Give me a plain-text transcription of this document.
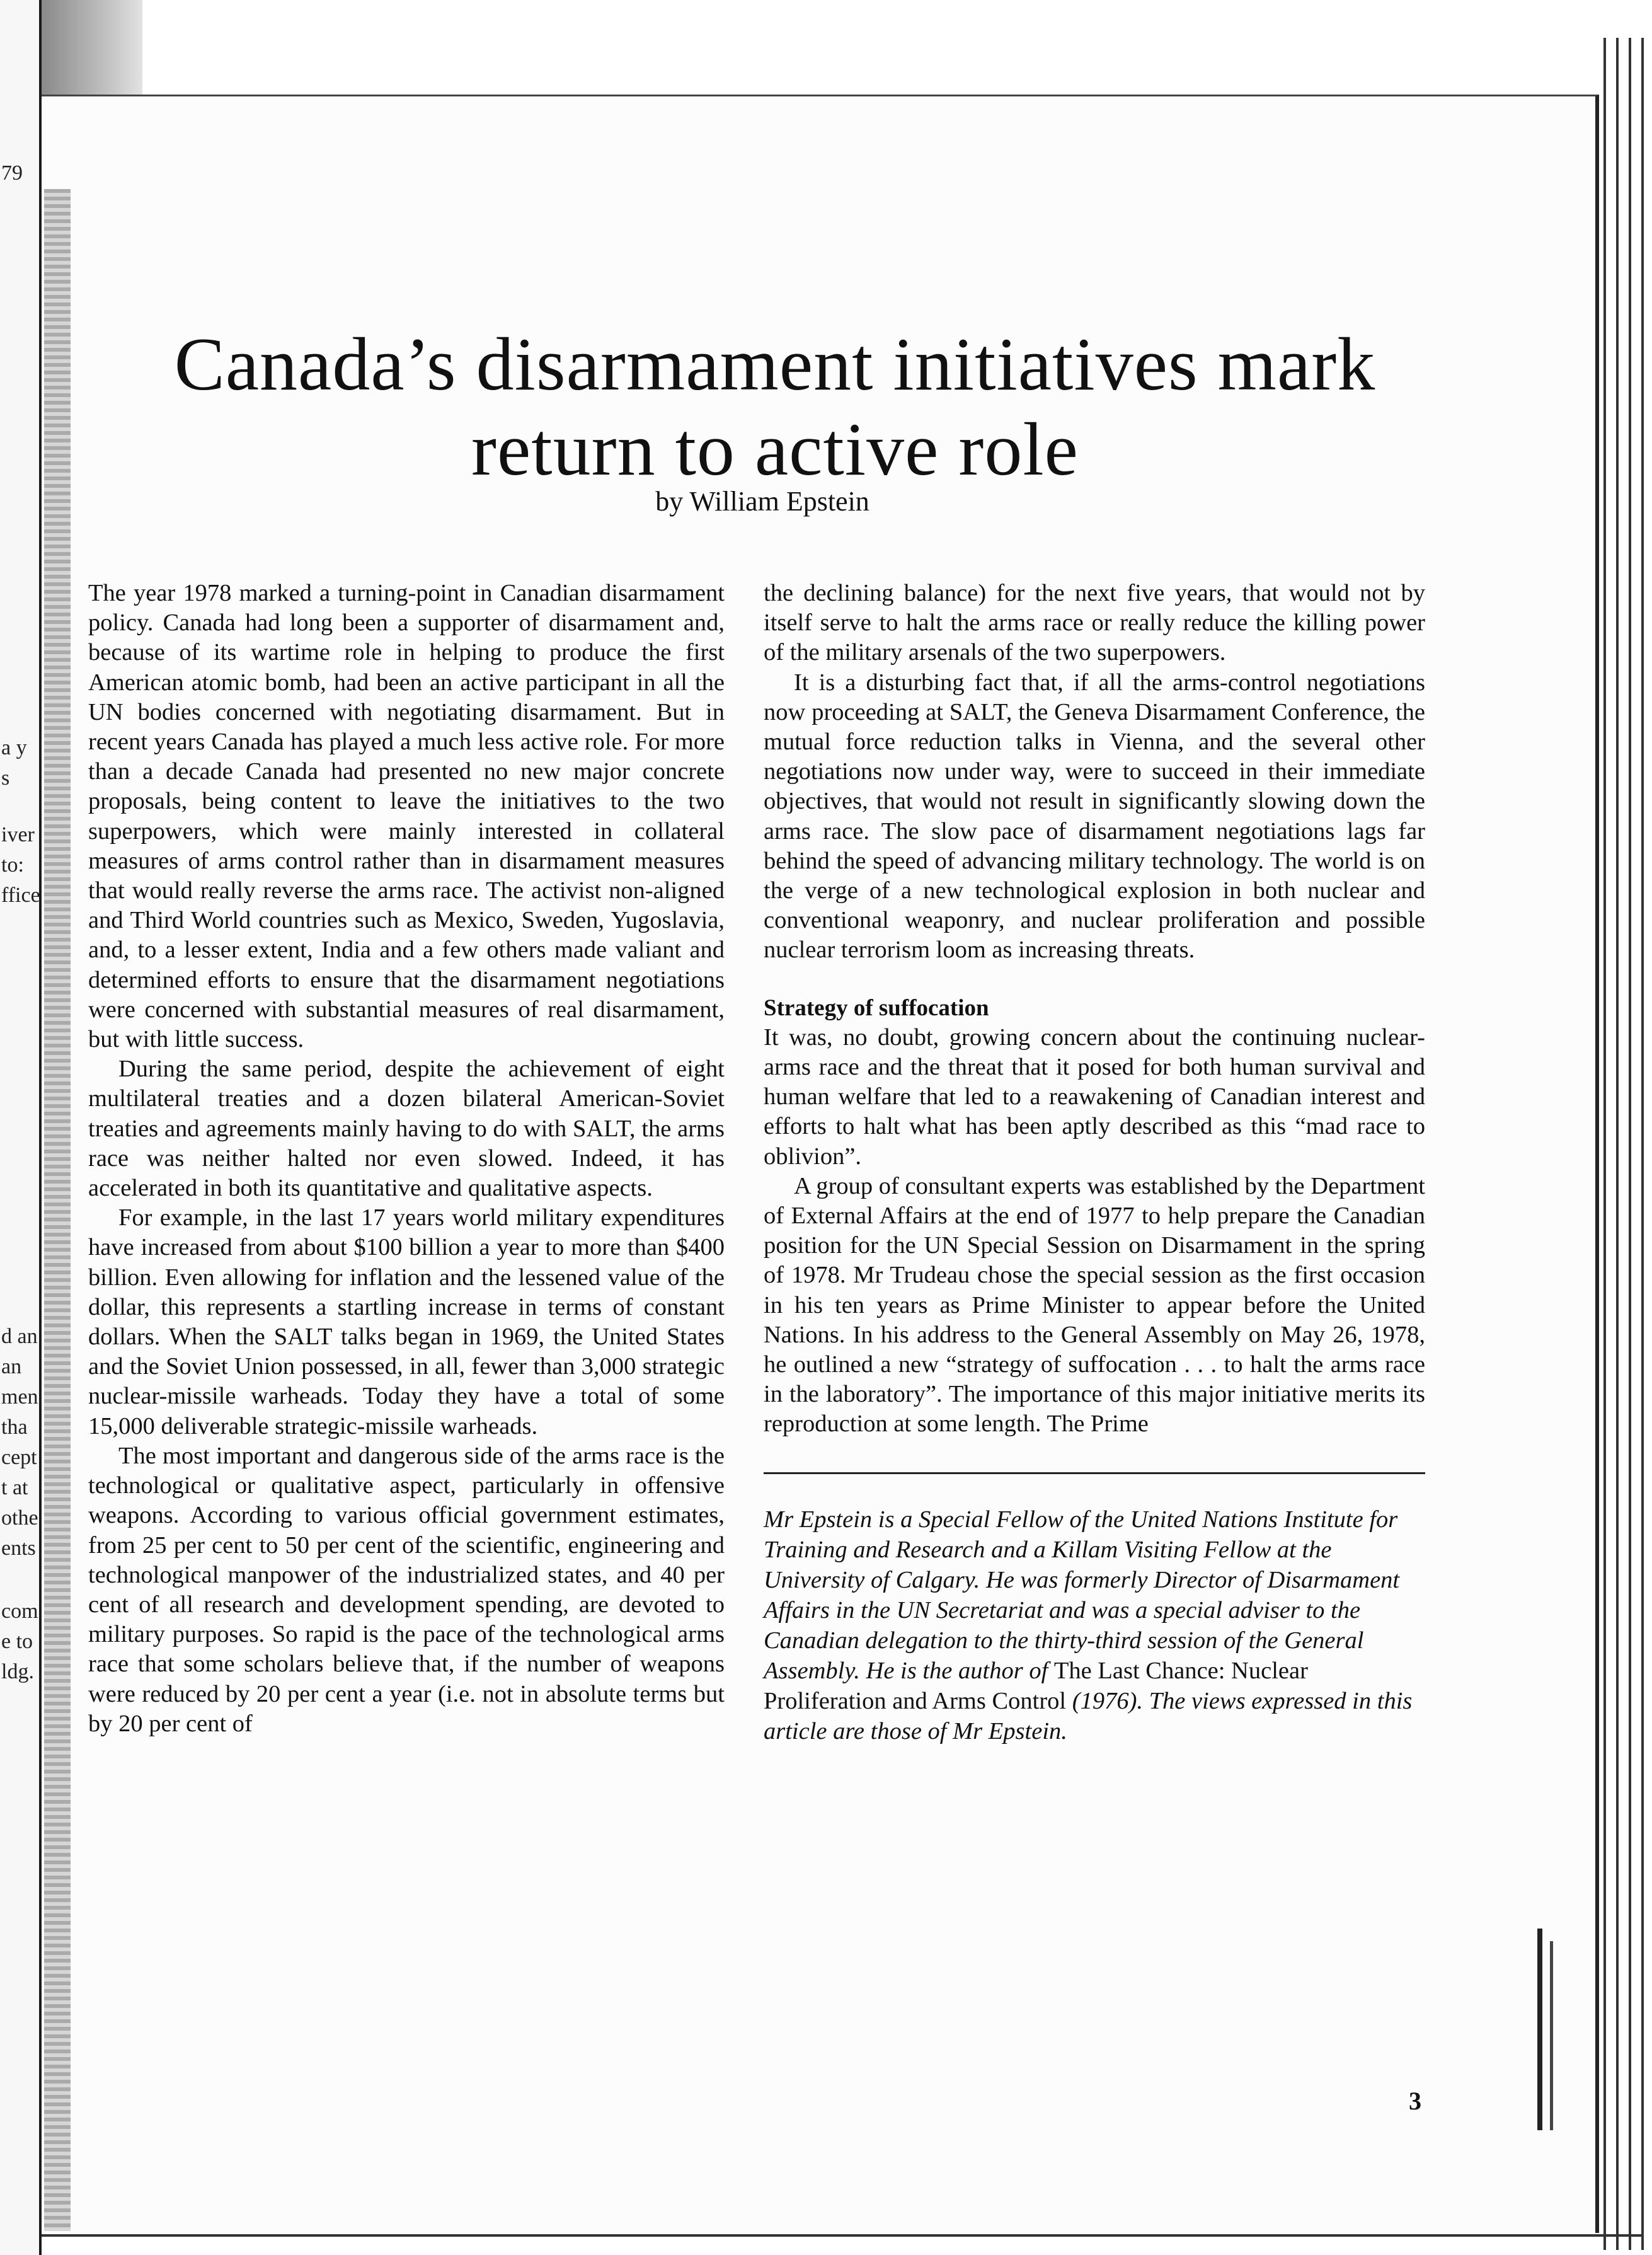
79
a y
s
iver
to:
ffice
d an
an
men
tha
cept
t at
othe
ents
com
e to
ldg.
Canada’s disarmament initiatives mark return to active role
by William Epstein

The year 1978 marked a turning-point in Canadian disarmament policy. Canada had long been a supporter of disarmament and, because of its wartime role in helping to produce the first American atomic bomb, had been an active participant in all the UN bodies concerned with negotiating disarmament. But in recent years Canada has played a much less active role. For more than a decade Canada had presented no new major concrete proposals, being content to leave the initiatives to the two superpowers, which were mainly interested in collateral measures of arms control rather than in disarmament measures that would really reverse the arms race. The activist non-aligned and Third World countries such as Mexico, Sweden, Yugoslavia, and, to a lesser extent, India and a few others made valiant and determined efforts to ensure that the disarmament negotiations were concerned with substantial measures of real disarmament, but with little success.

During the same period, despite the achievement of eight multilateral treaties and a dozen bilateral American-Soviet treaties and agreements mainly having to do with SALT, the arms race was neither halted nor even slowed. Indeed, it has accelerated in both its quantitative and qualitative aspects.

For example, in the last 17 years world military expenditures have increased from about $100 billion a year to more than $400 billion. Even allowing for inflation and the lessened value of the dollar, this represents a startling increase in terms of constant dollars. When the SALT talks began in 1969, the United States and the Soviet Union possessed, in all, fewer than 3,000 strategic nuclear-missile warheads. Today they have a total of some 15,000 deliverable strategic-missile warheads.

The most important and dangerous side of the arms race is the technological or qualitative aspect, particularly in offensive weapons. According to various official government estimates, from 25 per cent to 50 per cent of the scientific, engineering and technological manpower of the industrialized states, and 40 per cent of all research and development spending, are devoted to military purposes. So rapid is the pace of the technological arms race that some scholars believe that, if the number of weapons were reduced by 20 per cent a year (i.e. not in absolute terms but by 20 per cent of

the declining balance) for the next five years, that would not by itself serve to halt the arms race or really reduce the killing power of the military arsenals of the two superpowers.

It is a disturbing fact that, if all the arms-control negotiations now proceeding at SALT, the Geneva Disarmament Conference, the mutual force reduction talks in Vienna, and the several other negotiations now under way, were to succeed in their immediate objectives, that would not result in significantly slowing down the arms race. The slow pace of disarmament negotiations lags far behind the speed of advancing military technology. The world is on the verge of a new technological explosion in both nuclear and conventional weaponry, and nuclear proliferation and possible nuclear terrorism loom as increasing threats.

Strategy of suffocation

It was, no doubt, growing concern about the continuing nuclear-arms race and the threat that it posed for both human survival and human welfare that led to a reawakening of Canadian interest and efforts to halt what has been aptly described as this “mad race to oblivion”.

A group of consultant experts was established by the Department of External Affairs at the end of 1977 to help prepare the Canadian position for the UN Special Session on Disarmament in the spring of 1978. Mr Trudeau chose the special session as the first occasion in his ten years as Prime Minister to appear before the United Nations. In his address to the General Assembly on May 26, 1978, he outlined a new “strategy of suffocation . . . to halt the arms race in the laboratory”. The importance of this major initiative merits its reproduction at some length. The Prime

Mr Epstein is a Special Fellow of the United Nations Institute for Training and Research and a Killam Visiting Fellow at the University of Calgary. He was formerly Director of Disarmament Affairs in the UN Secretariat and was a special adviser to the Canadian delegation to the thirty-third session of the General Assembly. He is the author of The Last Chance: Nuclear Proliferation and Arms Control (1976). The views expressed in this article are those of Mr Epstein.

3
